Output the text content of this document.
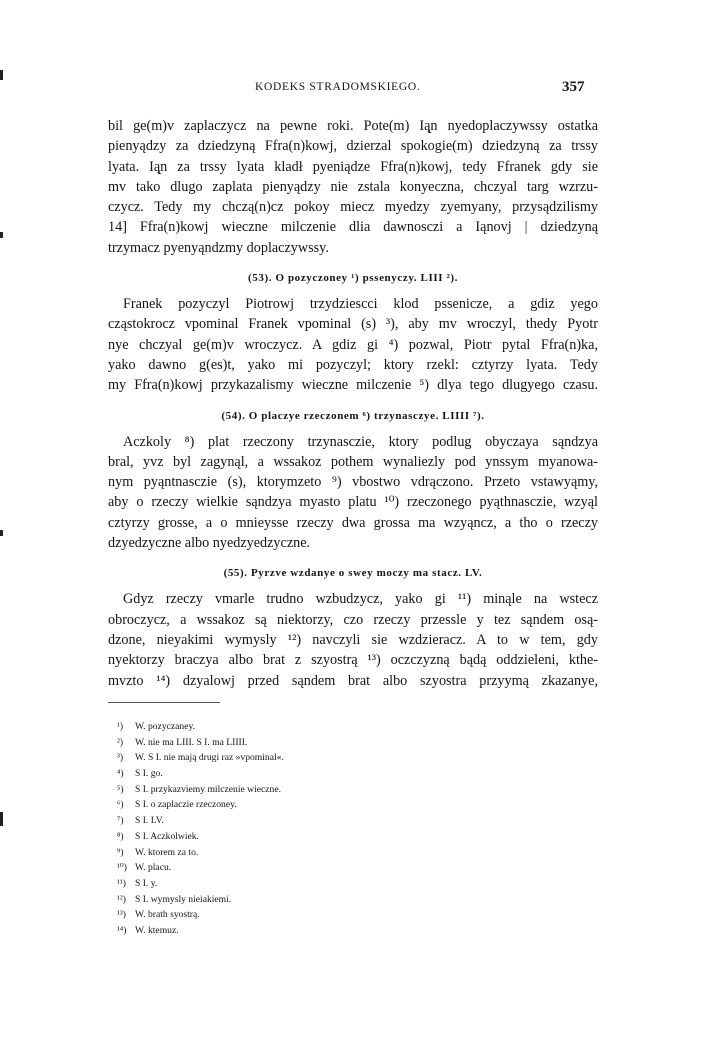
KODEKS STRADOMSKIEGO.	357
bil ge(m)v zaplaczycz na pewne roki. Pote(m) Ią̨n nyedoplaczywssy ostatka
pienyądzy za dziedzyną Ffra(n)kowj, dzierzal spokogie(m) dziedzyną za trssy
lyata. Ią̨n za trssy lyata kladł pyeniądze Ffra(n)kowj, tedy Ffranek gdy sie
mv tako dlugo zaplata pienyądzy nie zstala konyeczna, chczyal targ wzrzu-
czycz. Tedy my chczą(n)cz pokoy miecz myedzy zyemyany, przysądzilismy
14] Ffra(n)kowj wieczne milczenie dlia dawnosczi a Iąnovj | dziedzyną
trzymacz pyenyąndzmy doplaczywssy.
(53). O pozyczoney ¹) pssenyczy. LIII ²).
Franek pozyczyl Piotrowj trzydziescci klod pssenicze, a gdiz yego
cząstokrocz vpominal Franek vpominal (s) ³), aby mv wroczyl, thedy Pyotr
nye chczyal ge(m)v wroczycz. A gdiz gi ⁴) pozwal, Piotr pytal Ffra(n)ka,
yako dawno g(es)t, yako mi pozyczyl; ktory rzekl: cztyrzy lyata. Tedy
my Ffra(n)kowj przykazalismy wieczne milczenie ⁵) dlya tego dlugyego czasu.
(54). O placzye rzeczonem ⁶) trzynasczye. LIIII ⁷).
Aczkoly ⁸) plat rzeczony trzynasczie, ktory podlug obyczaya sąndzya
bral, yvz byl zagynąl, a wssakoz pothem wynaliezly pod ynssym myanowa-
nym pyąntnasczie (s), ktorymzeto ⁹) vbostwo vdrączono. Przeto vstawyąmy,
aby o rzeczy wielkie sąndzya myasto platu ¹⁰) rzeczonego pyąthnasczie, wzyąl
cztyrzy grosse, a o mnieysse rzeczy dwa grossa ma wzyąncz, a tho o rzeczy
dzyedzyczne albo nyedzyedzyczne.
(55). Pyrzve wzdanye o swey moczy ma stacz. LV.
Gdyz rzeczy vmarle trudno wzbudzycz, yako gi ¹¹) minąle na wstecz
obroczycz, a wssakoz są niektorzy, czo rzeczy przessle y tez sąndem osą-
dzone, nieyakimi wymysly ¹²) navczyli sie wzdzieracz. A to w tem, gdy
nyektorzy braczya albo brat z szyostrą ¹³) oczczyzną bądą oddzieleni, kthe-
mvzto ¹⁴) dzyalowj przed sąndem brat albo szyostra przyymą zkazanye,
¹) W. pozyczaney.
²) W. nie ma LIII. S I. ma LIIII.
³) W. S I. nie mają drugi raz »vpominal«.
⁴) S I. go.
⁵) S I. przykazviemy milczenie wieczne.
⁶) S I. o zaplaczie rzeczoney.
⁷) S I. LV.
⁸) S I. Aczkolwiek.
⁹) W. ktorem za to.
¹⁰) W. placu.
¹¹) S I. y.
¹²) S I. wymysly nieiakiemi.
¹³) W. brath syostrą.
¹⁴) W. ktemuz.
